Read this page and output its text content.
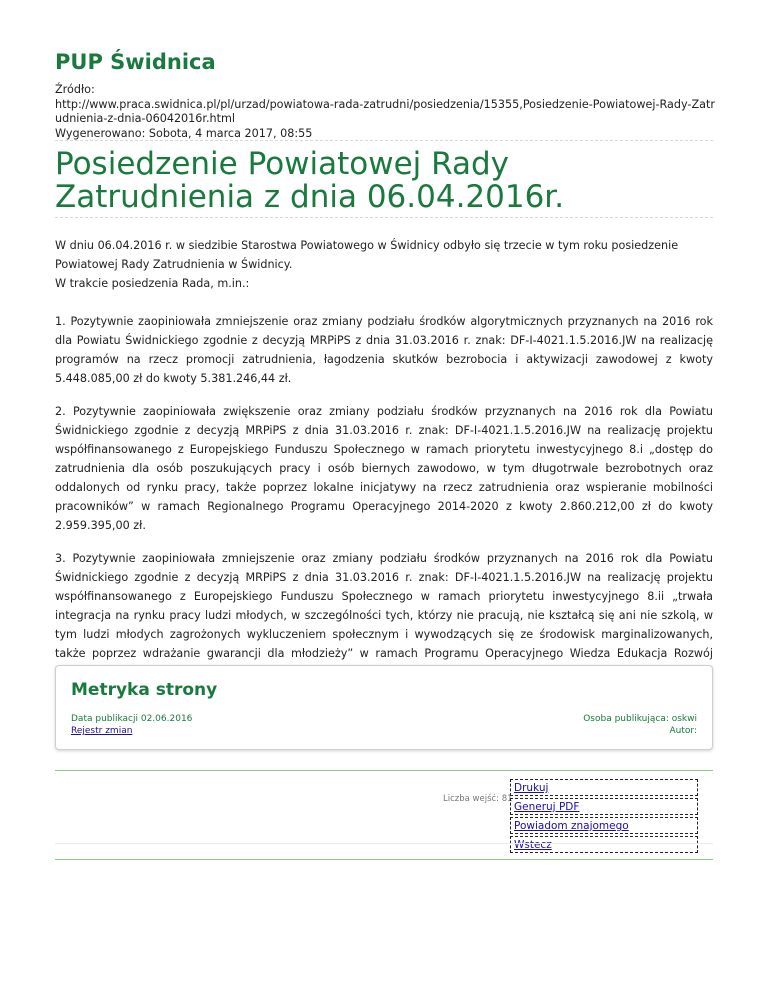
PUP Świdnica
Źródło:
http://www.praca.swidnica.pl/pl/urzad/powiatowa-rada-zatrudni/posiedzenia/15355,Posiedzenie-Powiatowej-Rady-Zatrudnienia-z-dnia-06042016r.html
Wygenerowano: Sobota, 4 marca 2017, 08:55
Posiedzenie Powiatowej Rady Zatrudnienia z dnia 06.04.2016r.

W dniu 06.04.2016 r. w siedzibie Starostwa Powiatowego w Świdnicy odbyło się trzecie w tym roku posiedzenie Powiatowej Rady Zatrudnienia w Świdnicy.

W trakcie posiedzenia Rada, m.in.:

1. Pozytywnie zaopiniowała zmniejszenie oraz zmiany podziału środków algorytmicznych przyznanych na 2016 rok dla Powiatu Świdnickiego zgodnie z decyzją MRPiPS z dnia 31.03.2016 r. znak: DF-I-4021.1.5.2016.JW na realizację programów na rzecz promocji zatrudnienia, łagodzenia skutków bezrobocia i aktywizacji zawodowej z kwoty 5.448.085,00 zł do kwoty 5.381.246,44 zł.

2. Pozytywnie zaopiniowała zwiększenie oraz zmiany podziału środków przyznanych na 2016 rok dla Powiatu Świdnickiego zgodnie z decyzją MRPiPS z dnia 31.03.2016 r. znak: DF-I-4021.1.5.2016.JW na realizację projektu współfinansowanego z Europejskiego Funduszu Społecznego w ramach priorytetu inwestycyjnego 8.i „dostęp do zatrudnienia dla osób poszukujących pracy i osób biernych zawodowo, w tym długotrwale bezrobotnych oraz oddalonych od rynku pracy, także poprzez lokalne inicjatywy na rzecz zatrudnienia oraz wspieranie mobilności pracowników” w ramach Regionalnego Programu Operacyjnego 2014-2020 z kwoty 2.860.212,00 zł do kwoty 2.959.395,00 zł.

3. Pozytywnie zaopiniowała zmniejszenie oraz zmiany podziału środków przyznanych na 2016 rok dla Powiatu Świdnickiego zgodnie z decyzją MRPiPS z dnia 31.03.2016 r. znak: DF-I-4021.1.5.2016.JW na realizację projektu współfinansowanego z Europejskiego Funduszu Społecznego w ramach priorytetu inwestycyjnego 8.ii „trwała integracja na rynku pracy ludzi młodych, w szczególności tych, którzy nie pracują, nie kształcą się ani nie szkolą, w tym ludzi młodych zagrożonych wykluczeniem społecznym i wywodzących się ze środowisk marginalizowanych, także poprzez wdrażanie gwarancji dla młodzieży” w ramach Programu Operacyjnego Wiedza Edukacja Rozwój

Metryka strony
Data publikacji 02.06.2016
Rejestr zmian
Osoba publikująca: oskwi
Autor:
Liczba wejść: 81
Drukuj
Generuj PDF
Powiadom znajomego
Wstecz
